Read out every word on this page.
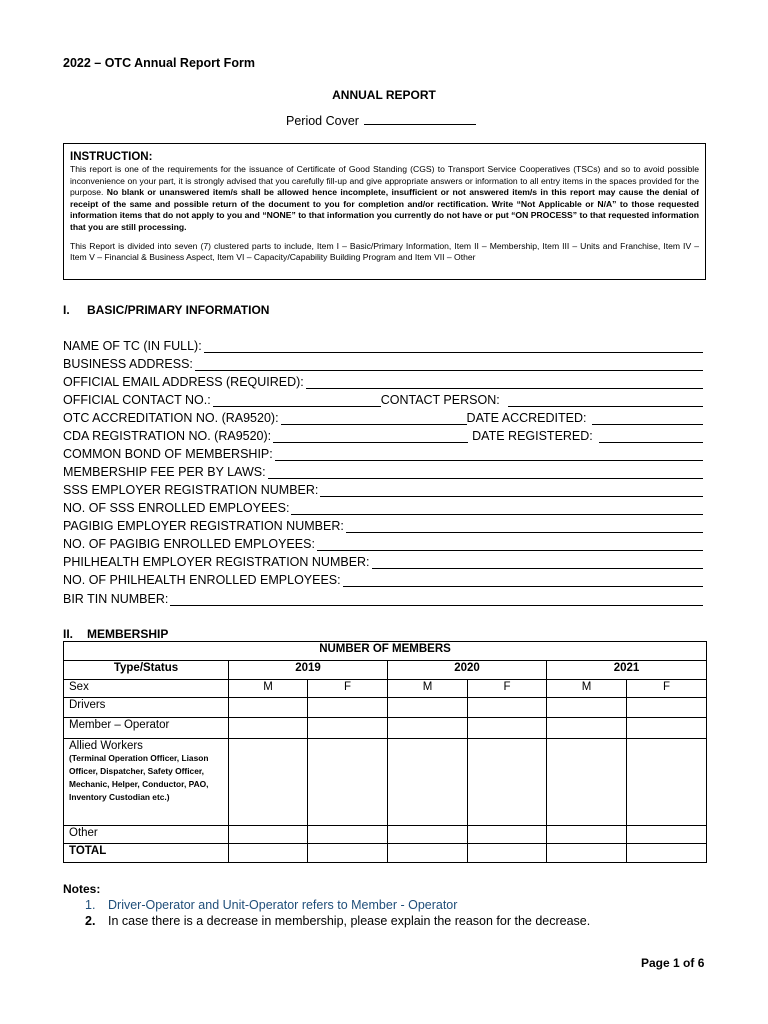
2022 – OTC Annual Report Form
ANNUAL REPORT
Period Cover
INSTRUCTION:
This report is one of the requirements for the issuance of Certificate of Good Standing (CGS) to Transport Service Cooperatives (TSCs) and so to avoid possible inconvenience on your part, it is strongly advised that you carefully fill-up and give appropriate answers or information to all entry items in the spaces provided for the purpose. No blank or unanswered item/s shall be allowed hence incomplete, insufficient or not answered item/s in this report may cause the denial of receipt of the same and possible return of the document to you for completion and/or rectification. Write “Not Applicable or N/A” to those requested information items that do not apply to you and “NONE” to that information you currently do not have or put “ON PROCESS” to that requested information that you are still processing.
This Report is divided into seven (7) clustered parts to include, Item I – Basic/Primary Information, Item II – Membership, Item III – Units and Franchise, Item IV – Item V – Financial & Business Aspect, Item VI – Capacity/Capability Building Program and Item VII – Other
I. BASIC/PRIMARY INFORMATION
NAME OF TC (IN FULL):
BUSINESS ADDRESS:
OFFICIAL EMAIL ADDRESS (REQUIRED):
OFFICIAL CONTACT NO.:	CONTACT PERSON:
OTC ACCREDITATION NO. (RA9520):	DATE ACCREDITED:
CDA REGISTRATION NO. (RA9520):	DATE REGISTERED:
COMMON BOND OF MEMBERSHIP:
MEMBERSHIP FEE PER BY LAWS:
SSS EMPLOYER REGISTRATION NUMBER:
NO. OF SSS ENROLLED EMPLOYEES:
PAGIBIG EMPLOYER REGISTRATION NUMBER:
NO. OF PAGIBIG ENROLLED EMPLOYEES:
PHILHEALTH EMPLOYER REGISTRATION NUMBER:
NO. OF PHILHEALTH ENROLLED EMPLOYEES:
BIR TIN NUMBER:
II. MEMBERSHIP
NUMBER OF MEMBERS						
Type/Status	2019		2020		2021	
Sex	M	F	M	F	M	F
Drivers						
Member – Operator						

Allied Workers
(Terminal Operation Officer, Liason Officer, Dispatcher, Safety Officer, Mechanic, Helper, Conductor, PAO, Inventory Custodian etc.)						

Other						
TOTAL						
Notes:
1. Driver-Operator and Unit-Operator refers to Member - Operator
2. In case there is a decrease in membership, please explain the reason for the decrease.
Page 1 of 6
